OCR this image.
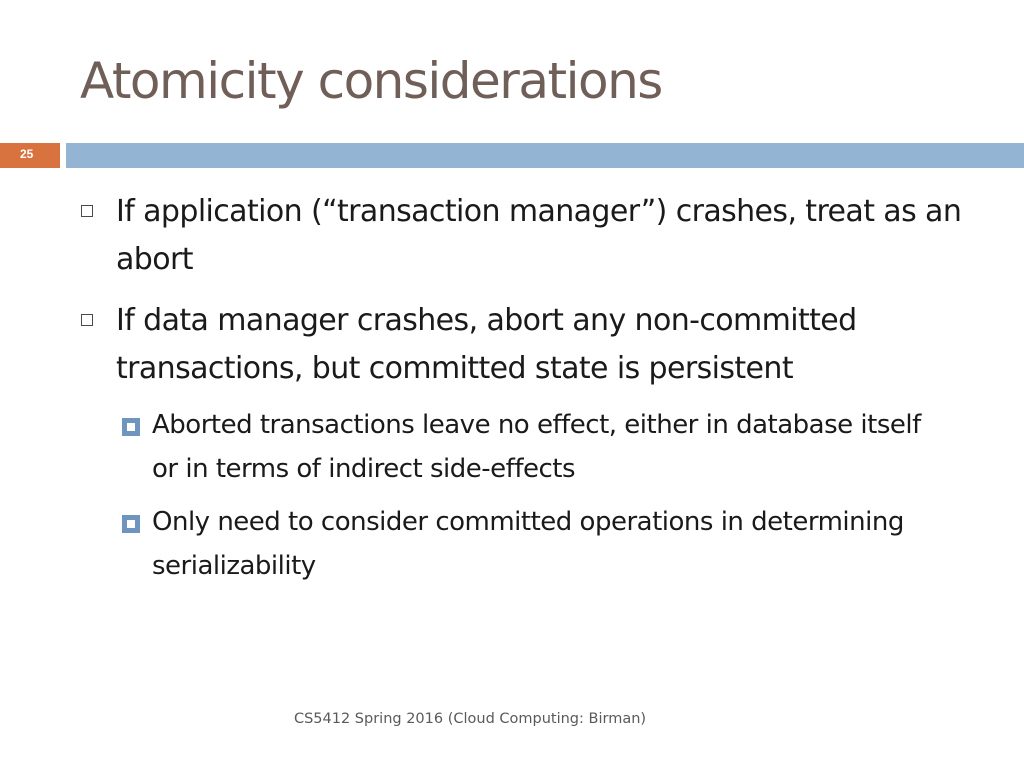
Atomicity considerations
25
If application (“transaction manager”) crashes, treat as an abort
If data manager crashes, abort any non-committed transactions, but committed state is persistent
Aborted transactions leave no effect, either in database itself or in terms of indirect side-effects
Only need to consider committed operations in determining serializability
CS5412 Spring 2016 (Cloud Computing: Birman)
